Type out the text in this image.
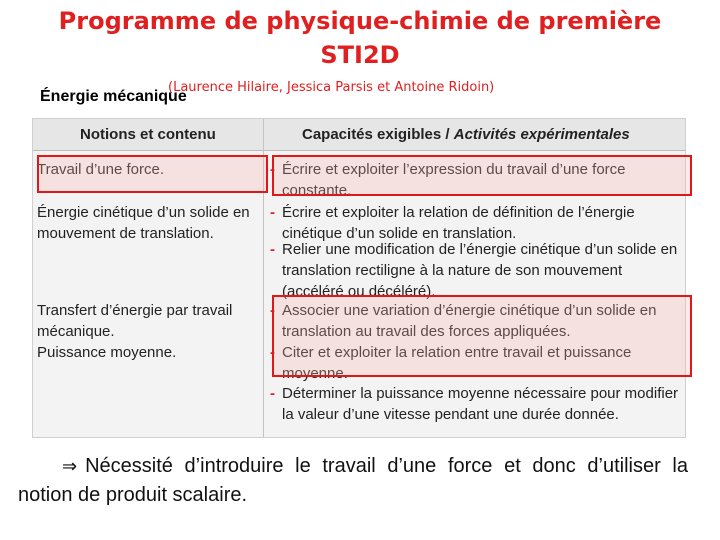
Programme de physique-chimie de première
STI2D
(Laurence Hilaire, Jessica Parsis et Antoine Ridoin)
Énergie mécanique
Notions et contenu	Capacités exigibles / Activités expérimentales
Travail d’une force.
Énergie cinétique d’un solide en mouvement de translation.
Transfert d’énergie par travail mécanique.
Puissance moyenne.
- Écrire et exploiter l’expression du travail d’une force constante.
- Écrire et exploiter la relation de définition de l’énergie cinétique d’un solide en translation.
- Relier une modification de l’énergie cinétique d’un solide en translation rectiligne à la nature de son mouvement (accéléré ou décéléré).
- Associer une variation d’énergie cinétique d’un solide en translation au travail des forces appliquées.
- Citer et exploiter la relation entre travail et puissance moyenne.
- Déterminer la puissance moyenne nécessaire pour modifier la valeur d’une vitesse pendant une durée donnée.
⇒ Nécessité d’introduire le travail d’une force et donc d’utiliser la notion de produit scalaire.
